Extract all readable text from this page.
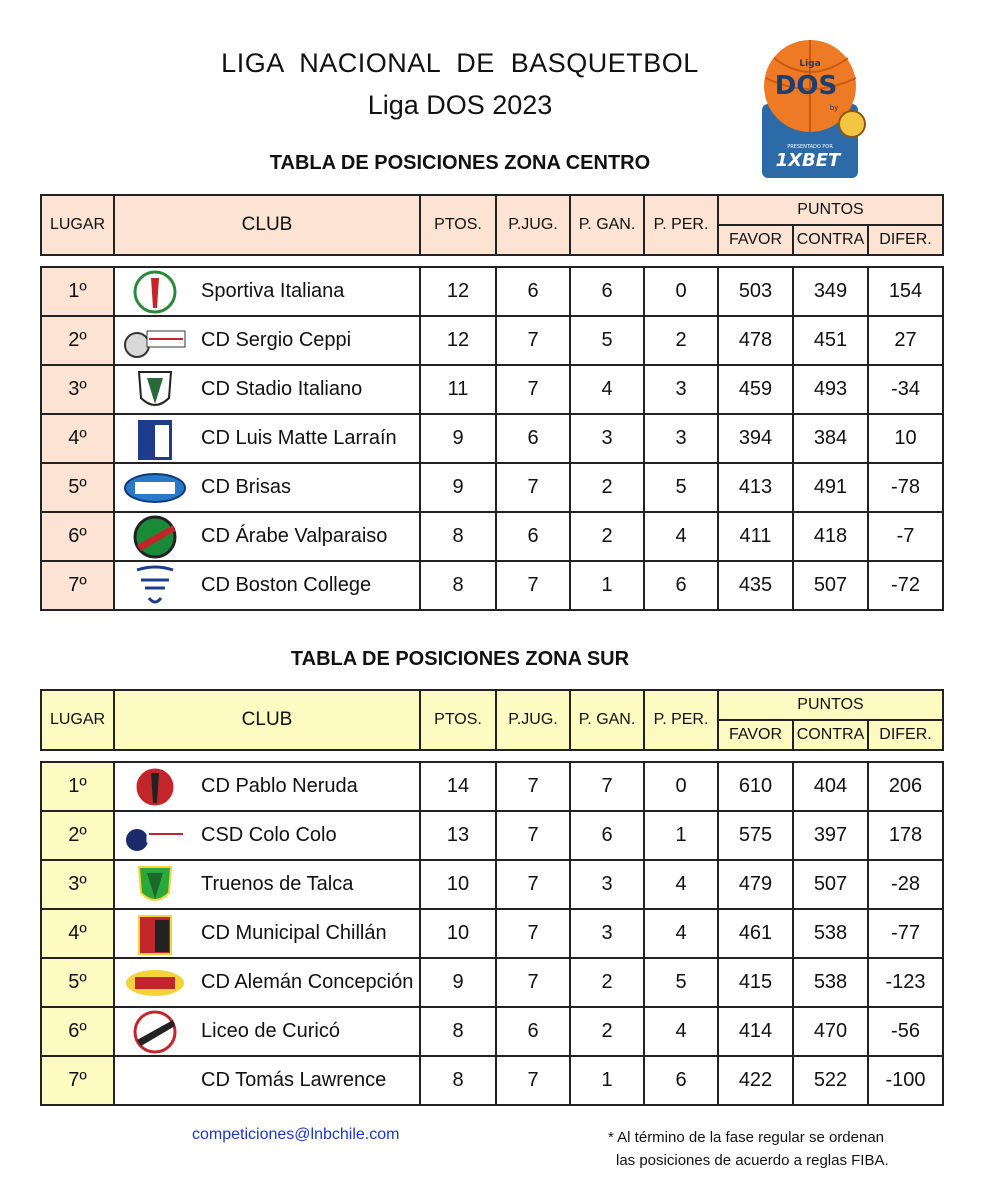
LIGA  NACIONAL  DE  BASQUETBOL
Liga DOS 2023
Liga
DOS
by
PRESENTADO POR
1XBET
TABLA DE POSICIONES ZONA CENTRO
LUGAR	CLUB	PTOS.	P.JUG.	P. GAN.	P. PER.	PUNTOS		
						FAVOR	CONTRA	DIFER.
1º	Sportiva Italiana	12	6	6	0	503	349	154
2º	CD Sergio Ceppi	12	7	5	2	478	451	27
3º	CD Stadio Italiano	11	7	4	3	459	493	-34
4º	CD Luis Matte Larraín	9	6	3	3	394	384	10
5º	CD Brisas	9	7	2	5	413	491	-78
6º	CD Árabe Valparaiso	8	6	2	4	411	418	-7
7º	CD Boston College	8	7	1	6	435	507	-72
TABLA DE POSICIONES ZONA SUR
LUGAR	CLUB	PTOS.	P.JUG.	P. GAN.	P. PER.	PUNTOS		
						FAVOR	CONTRA	DIFER.
1º	CD Pablo Neruda	14	7	7	0	610	404	206
2º	CSD Colo Colo	13	7	6	1	575	397	178
3º	Truenos de Talca	10	7	3	4	479	507	-28
4º	CD Municipal Chillán	10	7	3	4	461	538	-77
5º	CD Alemán Concepción	9	7	2	5	415	538	-123
6º	Liceo de Curicó	8	6	2	4	414	470	-56
7º	CD Tomás Lawrence	8	7	1	6	422	522	-100
competiciones@lnbchile.com	* Al término de la fase regular se ordenan
las posiciones de acuerdo a reglas FIBA.
